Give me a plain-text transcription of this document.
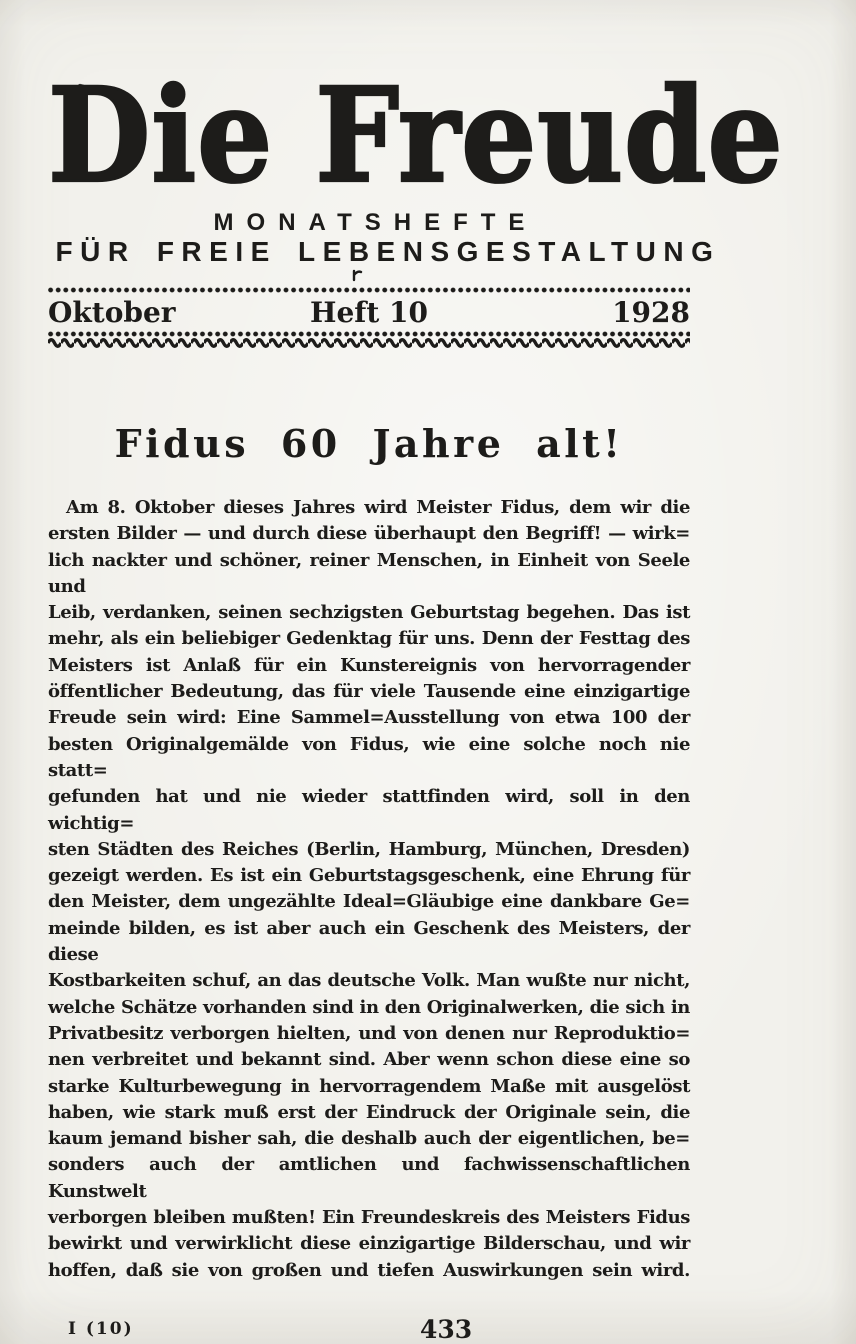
Die Freude
MONATSHEFTE
FÜR FREIE LEBENSGESTALTUNG
Oktober	Heft 10	1928
Fidus 60 Jahre alt!
Am 8. Oktober dieses Jahres wird Meister Fidus, dem wir die
ersten Bilder — und durch diese überhaupt den Begriff! — wirk=
lich nackter und schöner, reiner Menschen, in Einheit von Seele und
Leib, verdanken, seinen sechzigsten Geburtstag begehen. Das ist
mehr, als ein beliebiger Gedenktag für uns. Denn der Festtag des
Meisters ist Anlaß für ein Kunstereignis von hervorragender
öffentlicher Bedeutung, das für viele Tausende eine einzigartige
Freude sein wird: Eine Sammel=Ausstellung von etwa 100 der
besten Originalgemälde von Fidus, wie eine solche noch nie statt=
gefunden hat und nie wieder stattfinden wird, soll in den wichtig=
sten Städten des Reiches (Berlin, Hamburg, München, Dresden)
gezeigt werden. Es ist ein Geburtstagsgeschenk, eine Ehrung für
den Meister, dem ungezählte Ideal=Gläubige eine dankbare Ge=
meinde bilden, es ist aber auch ein Geschenk des Meisters, der diese
Kostbarkeiten schuf, an das deutsche Volk. Man wußte nur nicht,
welche Schätze vorhanden sind in den Originalwerken, die sich in
Privatbesitz verborgen hielten, und von denen nur Reproduktio=
nen verbreitet und bekannt sind. Aber wenn schon diese eine so
starke Kulturbewegung in hervorragendem Maße mit ausgelöst
haben, wie stark muß erst der Eindruck der Originale sein, die
kaum jemand bisher sah, die deshalb auch der eigentlichen, be=
sonders auch der amtlichen und fachwissenschaftlichen Kunstwelt
verborgen bleiben mußten! Ein Freundeskreis des Meisters Fidus
bewirkt und verwirklicht diese einzigartige Bilderschau, und wir
hoffen, daß sie von großen und tiefen Auswirkungen sein wird.
I (10)	433
